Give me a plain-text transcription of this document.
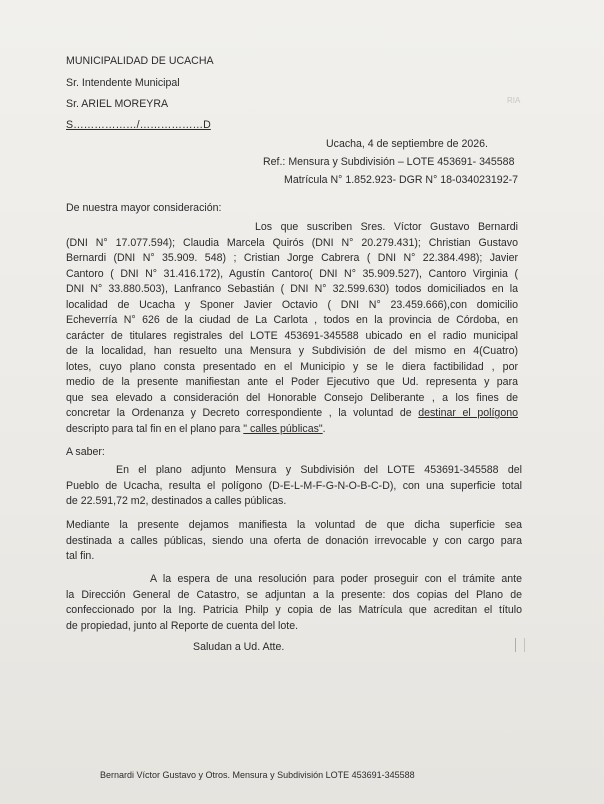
MUNICIPALIDAD DE UCACHA
Sr. Intendente Municipal
Sr. ARIEL MOREYRA
S………………/………………D
RIA
Ucacha, 4 de septiembre de 2026.
Ref.: Mensura y Subdivisión – LOTE 453691- 345588
Matrícula N° 1.852.923- DGR N° 18-034023192-7
De nuestra mayor consideración:
Los que suscriben Sres. Víctor Gustavo Bernardi
(DNI N° 17.077.594); Claudia Marcela Quirós (DNI N° 20.279.431); Christian Gustavo
Bernardi (DNI N° 35.909. 548) ; Cristian Jorge Cabrera ( DNI N° 22.384.498); Javier
Cantoro ( DNI N° 31.416.172), Agustín Cantoro( DNI N° 35.909.527), Cantoro Virginia (
DNI N° 33.880.503), Lanfranco Sebastián ( DNI N° 32.599.630) todos domiciliados en la
localidad de Ucacha y Sponer Javier Octavio ( DNI N° 23.459.666),con domicilio
Echeverría N° 626 de la ciudad de La Carlota , todos en la provincia de Córdoba, en
carácter de titulares registrales del LOTE 453691-345588 ubicado en el radio municipal
de la localidad, han resuelto una Mensura y Subdivisión de del mismo en 4(Cuatro)
lotes, cuyo plano consta presentado en el Municipio y se le diera factibilidad , por
medio de la presente manifiestan ante el Poder Ejecutivo que Ud. representa y para
que sea elevado a consideración del Honorable Consejo Deliberante , a los fines de
concretar la Ordenanza y Decreto correspondiente , la voluntad de destinar el polígono
descripto para tal fin en el plano para " calles públicas".
A saber:
En el plano adjunto Mensura y Subdivisión del LOTE 453691-345588 del
Pueblo de Ucacha, resulta el polígono (D-E-L-M-F-G-N-O-B-C-D), con una superficie total
de 22.591,72 m2, destinados a calles públicas.
Mediante la presente dejamos manifiesta la voluntad de que dicha superficie sea
destinada a calles públicas, siendo una oferta de donación irrevocable y con cargo para
tal fin.
A la espera de una resolución para poder proseguir con el trámite ante
la Dirección General de Catastro, se adjuntan a la presente: dos copias del Plano de
confeccionado por la Ing. Patricia Philp y copia de las Matrícula que acreditan el título
de propiedad, junto al Reporte de cuenta del lote.
Saludan a Ud. Atte.
Bernardi Víctor Gustavo y Otros. Mensura y Subdivisión LOTE 453691-345588
